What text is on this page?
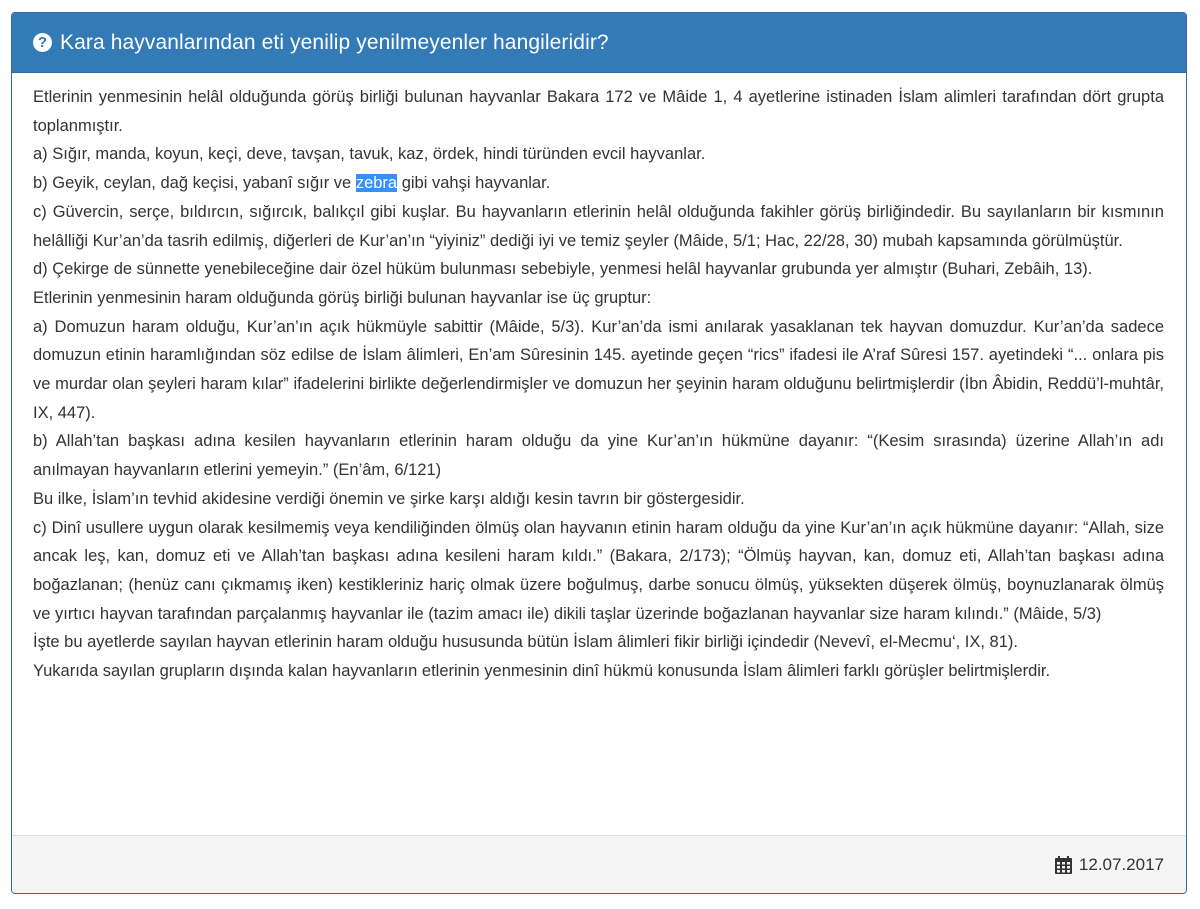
? Kara hayvanlarından eti yenilip yenilmeyenler hangileridir?

Etlerinin yenmesinin helâl olduğunda görüş birliği bulunan hayvanlar Bakara 172 ve Mâide 1, 4 ayetlerine istinaden İslam alimleri tarafından dört grupta toplanmıştır.

a) Sığır, manda, koyun, keçi, deve, tavşan, tavuk, kaz, ördek, hindi türünden evcil hayvanlar.

b) Geyik, ceylan, dağ keçisi, yabanî sığır ve zebra gibi vahşi hayvanlar.

c) Güvercin, serçe, bıldırcın, sığırcık, balıkçıl gibi kuşlar. Bu hayvanların etlerinin helâl olduğunda fakihler görüş birliğindedir. Bu sayılanların bir kısmının helâlliği Kur’an’da tasrih edilmiş, diğerleri de Kur’an’ın “yiyiniz” dediği iyi ve temiz şeyler (Mâide, 5/1; Hac, 22/28, 30) mubah kapsamında görülmüştür.

d) Çekirge de sünnette yenebileceğine dair özel hüküm bulunması sebebiyle, yenmesi helâl hayvanlar grubunda yer almıştır (Buhari, Zebâih, 13).

Etlerinin yenmesinin haram olduğunda görüş birliği bulunan hayvanlar ise üç gruptur:

a) Domuzun haram olduğu, Kur’an’ın açık hükmüyle sabittir (Mâide, 5/3). Kur’an’da ismi anılarak yasaklanan tek hayvan domuzdur. Kur’an’da sadece domuzun etinin haramlığından söz edilse de İslam âlimleri, En’am Sûresinin 145. ayetinde geçen “rics” ifadesi ile A’raf Sûresi 157. ayetindeki “... onlara pis ve murdar olan şeyleri haram kılar” ifadelerini birlikte değerlendirmişler ve domuzun her şeyinin haram olduğunu belirtmişlerdir (İbn Âbidin, Reddü’l-muhtâr, IX, 447).

b) Allah’tan başkası adına kesilen hayvanların etlerinin haram olduğu da yine Kur’an’ın hükmüne dayanır: “(Kesim sırasında) üzerine Allah’ın adı anılmayan hayvanların etlerini yemeyin.” (En’âm, 6/121)

Bu ilke, İslam’ın tevhid akidesine verdiği önemin ve şirke karşı aldığı kesin tavrın bir göstergesidir.

c) Dinî usullere uygun olarak kesilmemiş veya kendiliğinden ölmüş olan hayvanın etinin haram olduğu da yine Kur’an’ın açık hükmüne dayanır: “Allah, size ancak leş, kan, domuz eti ve Allah’tan başkası adına kesileni haram kıldı.” (Bakara, 2/173); “Ölmüş hayvan, kan, domuz eti, Allah’tan başkası adına boğazlanan; (henüz canı çıkmamış iken) kestikleriniz hariç olmak üzere boğulmuş, darbe sonucu ölmüş, yüksekten düşerek ölmüş, boynuzlanarak ölmüş ve yırtıcı hayvan tarafından parçalanmış hayvanlar ile (tazim amacı ile) dikili taşlar üzerinde boğazlanan hayvanlar size haram kılındı.” (Mâide, 5/3)

İşte bu ayetlerde sayılan hayvan etlerinin haram olduğu hususunda bütün İslam âlimleri fikir birliği içindedir (Nevevî, el-Mecmu‘, IX, 81).

Yukarıda sayılan grupların dışında kalan hayvanların etlerinin yenmesinin dinî hükmü konusunda İslam âlimleri farklı görüşler belirtmişlerdir.

12.07.2017
